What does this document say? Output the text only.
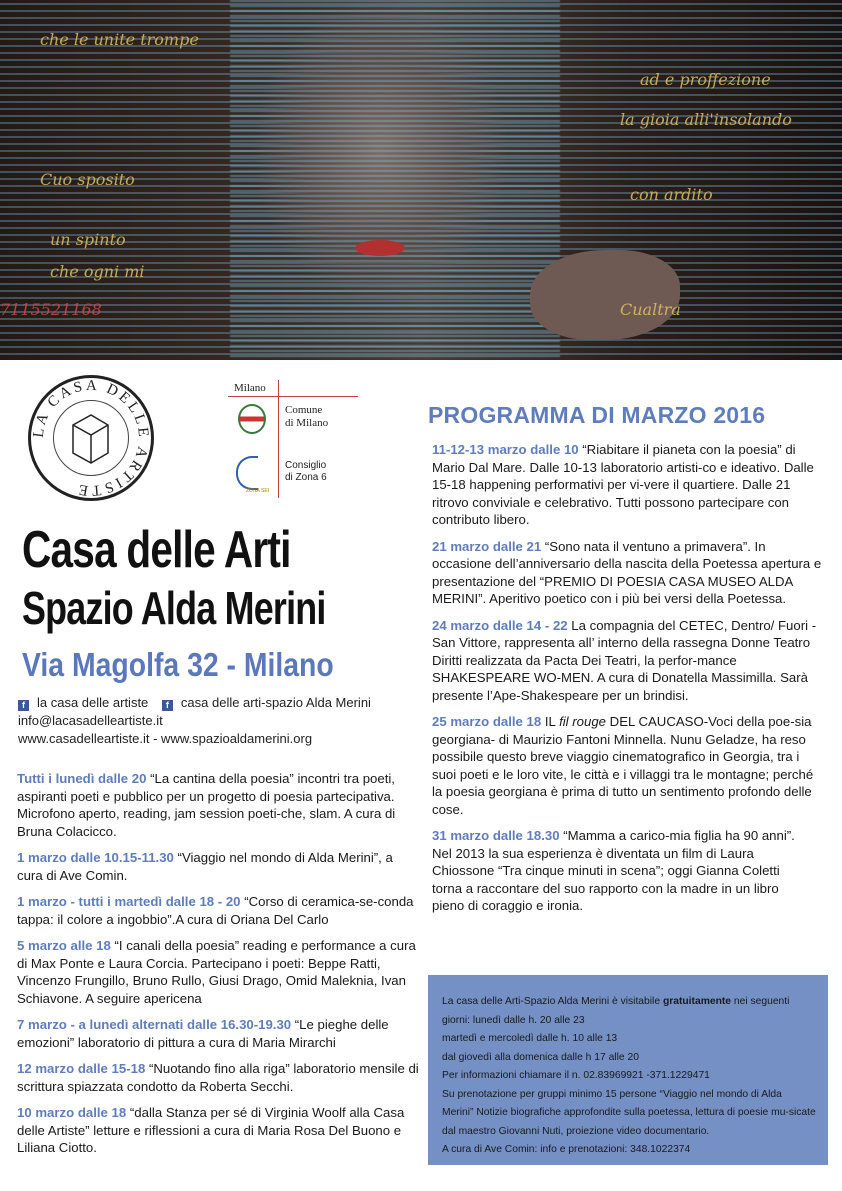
che le unite trompe
Cuo sposito
un spinto
che ogni mi
ad e proffezione
la gioia alli'insolando
con ardito
Cualtra
7115521168
LA CASA DELLE ARTISTE
Milano
Comune
di Milano
ZONA SEI
Consiglio
di Zona 6
Casa delle Arti
Spazio Alda Merini
Via Magolfa 32 - Milano
f la casa delle artiste f casa delle arti-spazio Alda Merini
info@lacasadelleartiste.it
www.casadelleartiste.it - www.spazioaldamerini.org
Tutti i lunedì dalle 20 “La cantina della poesia” incontri tra poeti, aspiranti poeti e pubblico per un progetto di poesia partecipativa. Microfono aperto, reading, jam session poeti-che, slam. A cura di Bruna Colacicco.
1 marzo dalle 10.15-11.30 “Viaggio nel mondo di Alda Merini”, a cura di Ave Comin.
1 marzo - tutti i martedì dalle 18 - 20 “Corso di ceramica-se-conda tappa: il colore a ingobbio”.A cura di Oriana Del Carlo
5 marzo alle 18 “I canali della poesia” reading e performance a cura di Max Ponte e Laura Corcia. Partecipano i poeti: Beppe Ratti, Vincenzo Frungillo, Bruno Rullo, Giusi Drago, Omid Maleknia, Ivan Schiavone. A seguire apericena
7 marzo - a lunedì alternati dalle 16.30-19.30 “Le pieghe delle emozioni” laboratorio di pittura a cura di Maria Mirarchi
12 marzo dalle 15-18 “Nuotando fino alla riga” laboratorio mensile di scrittura spiazzata condotto da Roberta Secchi.
10 marzo dalle 18 “dalla Stanza per sé di Virginia Woolf alla Casa delle Artiste” letture e riflessioni a cura di Maria Rosa Del Buono e Liliana Ciotto.
PROGRAMMA DI MARZO 2016
11-12-13 marzo dalle 10 “Riabitare il pianeta con la poesia” di Mario Dal Mare. Dalle 10-13 laboratorio artisti-co e ideativo. Dalle 15-18 happening performativi per vi-vere il quartiere. Dalle 21 ritrovo conviviale e celebrativo. Tutti possono partecipare con contributo libero.
21 marzo dalle 21 “Sono nata il ventuno a primavera”. In occasione dell’anniversario della nascita della Poetessa apertura e presentazione del “PREMIO DI POESIA CASA MUSEO ALDA MERINI”. Aperitivo poetico con i più bei versi della Poetessa.
24 marzo dalle 14 - 22 La compagnia del CETEC, Dentro/ Fuori - San Vittore, rappresenta all’ interno della rassegna Donne Teatro Diritti realizzata da Pacta Dei Teatri, la perfor-mance SHAKESPEARE WO-MEN. A cura di Donatella Massimilla. Sarà presente l’Ape-Shakespeare per un brindisi.
25 marzo dalle 18 IL fil rouge DEL CAUCASO-Voci della poe-sia georgiana- di Maurizio Fantoni Minnella. Nunu Geladze, ha reso possibile questo breve viaggio cinematografico in Georgia, tra i suoi poeti e le loro vite, le città e i villaggi tra le montagne; perché la poesia georgiana è prima di tutto un sentimento profondo delle cose.
31 marzo dalle 18.30 “Mamma a carico-mia figlia ha 90 anni”. Nel 2013 la sua esperienza è diventata un film di Laura Chiossone “Tra cinque minuti in scena”; oggi Gianna Coletti torna a raccontare del suo rapporto con la madre in un libro pieno di coraggio e ironia.
La casa delle Arti-Spazio Alda Merini è visitabile gratuitamente nei seguenti
giorni: lunedì dalle h. 20 alle 23
martedì e mercoledì dalle h. 10 alle 13
dal giovedì alla domenica dalle h 17 alle 20
Per informazioni chiamare il n. 02.83969921 -371.1229471
Su prenotazione per gruppi minimo 15 persone “Viaggio nel mondo di Alda Merini” Notizie biografiche approfondite sulla poetessa, lettura di poesie mu-sicate dal maestro Giovanni Nuti, proiezione video documentario.
A cura di Ave Comin: info e prenotazioni: 348.1022374
